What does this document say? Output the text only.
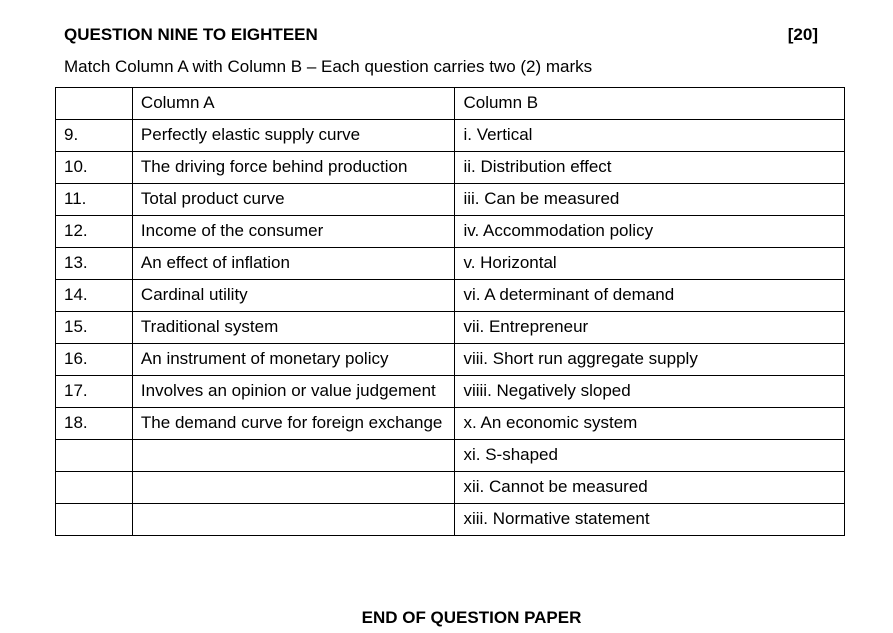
QUESTION NINE TO EIGHTEEN	[20]
Match Column A with Column B – Each question carries two (2) marks
	Column A	Column B
9.	Perfectly elastic supply curve	i. Vertical
10.	The driving force behind production	ii. Distribution effect
11.	Total product curve	iii. Can be measured
12.	Income of the consumer	iv. Accommodation policy
13.	An effect of inflation	v. Horizontal
14.	Cardinal utility	vi. A determinant of demand
15.	Traditional system	vii. Entrepreneur
16.	An instrument of monetary policy	viii. Short run aggregate supply
17.	Involves an opinion or value judgement	viiii. Negatively sloped
18.	The demand curve for foreign exchange	x. An economic system
		xi. S-shaped
		xii. Cannot be measured
		xiii. Normative statement
END OF QUESTION PAPER
